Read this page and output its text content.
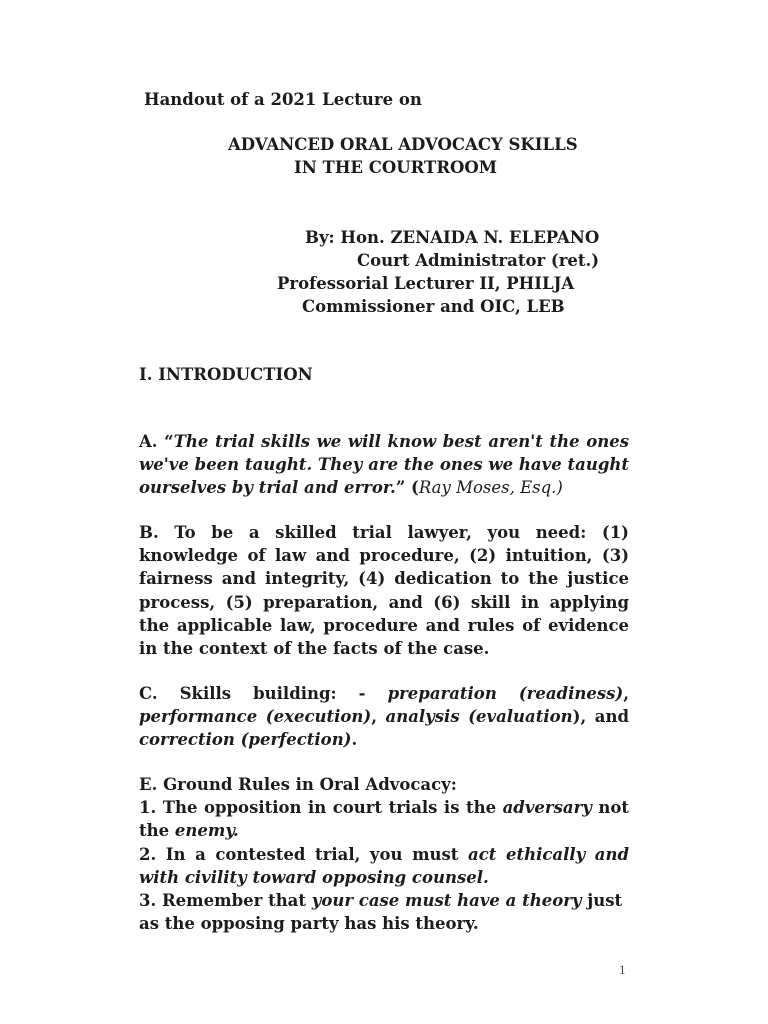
Handout of a 2021 Lecture on
ADVANCED ORAL ADVOCACY SKILLS
IN THE COURTROOM
By: Hon. ZENAIDA N. ELEPANO
Court Administrator (ret.)
Professorial Lecturer II, PHILJA
Commissioner and OIC, LEB
I. INTRODUCTION
A. “The trial skills we will know best aren't the ones we've been taught. They are the ones we have taught ourselves by trial and error.” (Ray Moses, Esq.)
B. To be a skilled trial lawyer, you need: (1) knowledge of law and procedure, (2) intuition, (3) fairness and integrity, (4) dedication to the justice process, (5) preparation, and (6) skill in applying the applicable law, procedure and rules of evidence in the context of the facts of the case.
C. Skills building: - preparation (readiness), performance (execution), analysis (evaluation), and correction (perfection).
E. Ground Rules in Oral Advocacy:
1. The opposition in court trials is the adversary not the enemy.
2. In a contested trial, you must act ethically and with civility toward opposing counsel.
3. Remember that your case must have a theory just as the opposing party has his theory.
1
